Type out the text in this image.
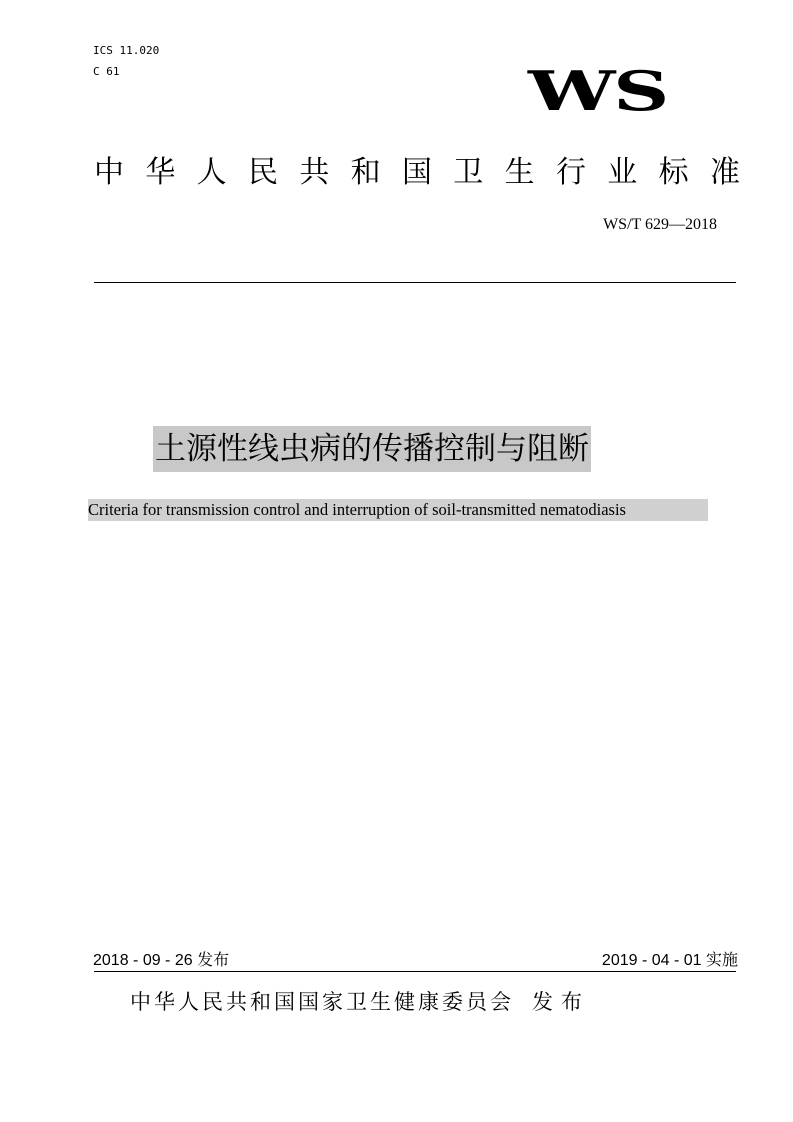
ICS 11.020
C 61	WS
中 华 人 民 共 和 国 卫 生 行 业 标 准
WS/T 629—2018
土源性线虫病的传播控制与阻断
Criteria for transmission control and interruption of soil-transmitted nematodiasis
2018 - 09 - 26 发布	2019 - 04 - 01 实施
中华人民共和国国家卫生健康委员会 发布
